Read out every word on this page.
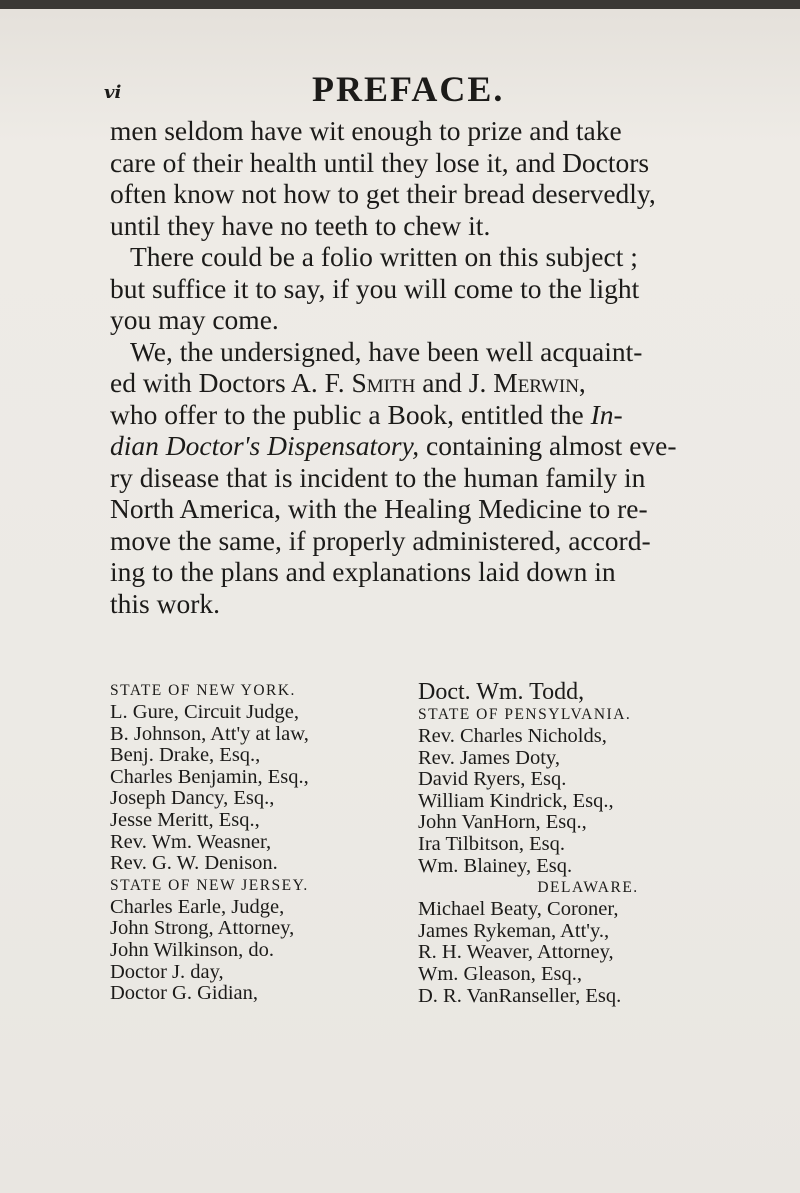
vi	PREFACE.
men seldom have wit enough to prize and take
care of their health until they lose it, and Doctors
often know not how to get their bread deservedly,
until they have no teeth to chew it.
There could be a folio written on this subject ;
but suffice it to say, if you will come to the light
you may come.
We, the undersigned, have been well acquaint-
ed with Doctors A. F. Smith and J. Merwin,
who offer to the public a Book, entitled the In-
dian Doctor's Dispensatory, containing almost eve-
ry disease that is incident to the human family in
North America, with the Healing Medicine to re-
move the same, if properly administered, accord-
ing to the plans and explanations laid down in
this work.
STATE OF NEW YORK.
L. Gure, Circuit Judge,
B. Johnson, Att'y at law,
Benj. Drake, Esq.,
Charles Benjamin, Esq.,
Joseph Dancy, Esq.,
Jesse Meritt, Esq.,
Rev. Wm. Weasner,
Rev. G. W. Denison.
STATE OF NEW JERSEY.
Charles Earle, Judge,
John Strong, Attorney,
John Wilkinson, do.
Doctor J. day,
Doctor G. Gidian,
Doct. Wm. Todd,
STATE OF PENSYLVANIA.
Rev. Charles Nicholds,
Rev. James Doty,
David Ryers, Esq.
William Kindrick, Esq.,
John VanHorn, Esq.,
Ira Tilbitson, Esq.
Wm. Blainey, Esq.
DELAWARE.
Michael Beaty, Coroner,
James Rykeman, Att'y.,
R. H. Weaver, Attorney,
Wm. Gleason, Esq.,
D. R. VanRanseller, Esq.
